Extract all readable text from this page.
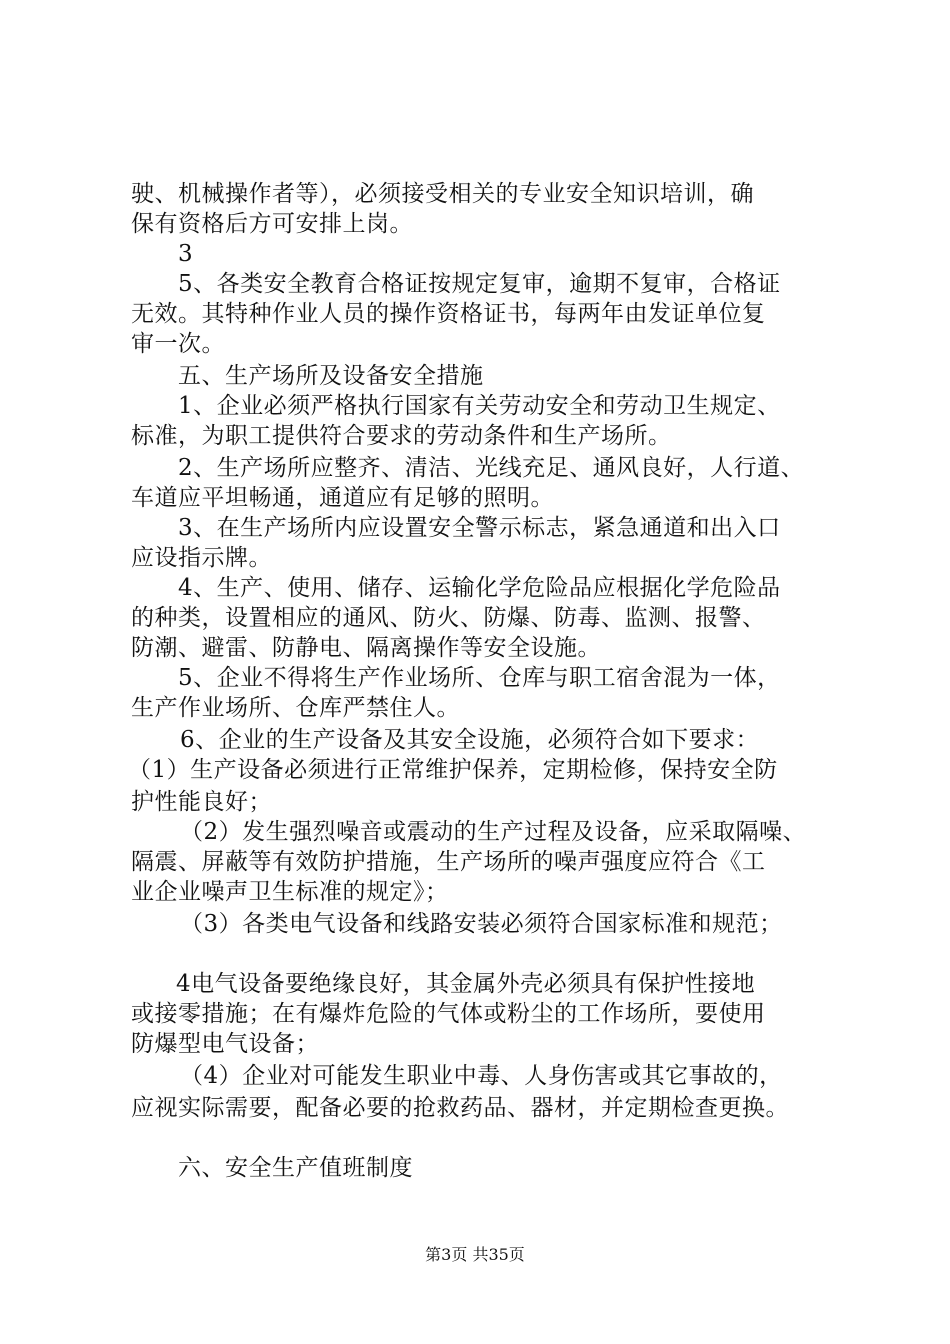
驶、机械操作者等），必须接受相关的专业安全知识培训，确
保有资格后方可安排上岗。
3
5、各类安全教育合格证按规定复审，逾期不复审，合格证
无效。其特种作业人员的操作资格证书，每两年由发证单位复
审一次。
五、生产场所及设备安全措施
1、企业必须严格执行国家有关劳动安全和劳动卫生规定、
标准，为职工提供符合要求的劳动条件和生产场所。
2、生产场所应整齐、清洁、光线充足、通风良好，人行道、
车道应平坦畅通，通道应有足够的照明。
3、在生产场所内应设置安全警示标志，紧急通道和出入口
应设指示牌。
4、生产、使用、储存、运输化学危险品应根据化学危险品
的种类，设置相应的通风、防火、防爆、防毒、监测、报警、
防潮、避雷、防静电、隔离操作等安全设施。
5、企业不得将生产作业场所、仓库与职工宿舍混为一体，
生产作业场所、仓库严禁住人。
6、企业的生产设备及其安全设施，必须符合如下要求：
（1）生产设备必须进行正常维护保养，定期检修，保持安全防
护性能良好；
（2）发生强烈噪音或震动的生产过程及设备，应采取隔噪、
隔震、屏蔽等有效防护措施，生产场所的噪声强度应符合《工
业企业噪声卫生标准的规定》；
（3）各类电气设备和线路安装必须符合国家标准和规范；
4电气设备要绝缘良好，其金属外壳必须具有保护性接地
或接零措施；在有爆炸危险的气体或粉尘的工作场所，要使用
防爆型电气设备；
（4）企业对可能发生职业中毒、人身伤害或其它事故的，
应视实际需要，配备必要的抢救药品、器材，并定期检查更换。
六、安全生产值班制度
第3页 共35页
